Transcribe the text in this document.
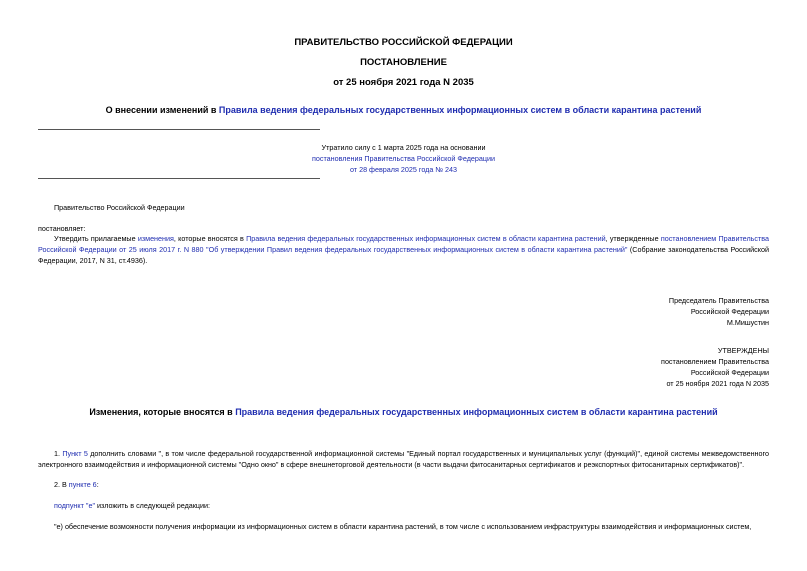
ПРАВИТЕЛЬСТВО РОССИЙСКОЙ ФЕДЕРАЦИИ
ПОСТАНОВЛЕНИЕ
от 25 ноября 2021 года N 2035
О внесении изменений в Правила ведения федеральных государственных информационных систем в области карантина растений
Утратило силу с 1 марта 2025 года на основании
постановления Правительства Российской Федерации
от 28 февраля 2025 года № 243
Правительство Российской Федерации
постановляет:
Утвердить прилагаемые изменения, которые вносятся в Правила ведения федеральных государственных информационных систем в области карантина растений, утвержденные постановлением Правительства Российской Федерации от 25 июля 2017 г. N 880 "Об утверждении Правил ведения федеральных государственных информационных систем в области карантина растений" (Собрание законодательства Российской Федерации, 2017, N 31, ст.4936).
Председатель Правительства
Российской Федерации
М.Мишустин
УТВЕРЖДЕНЫ
постановлением Правительства
Российской Федерации
от 25 ноября 2021 года N 2035
Изменения, которые вносятся в Правила ведения федеральных государственных информационных систем в области карантина растений
1. Пункт 5 дополнить словами ", в том числе федеральной государственной информационной системы "Единый портал государственных и муниципальных услуг (функций)", единой системы межведомственного электронного взаимодействия и информационной системы "Одно окно" в сфере внешнеторговой деятельности (в части выдачи фитосанитарных сертификатов и реэкспортных фитосанитарных сертификатов)".
2. В пункте 6:
подпункт "е" изложить в следующей редакции:
"е) обеспечение возможности получения информации из информационных систем в области карантина растений, в том числе с использованием инфраструктуры взаимодействия и информационных систем,
